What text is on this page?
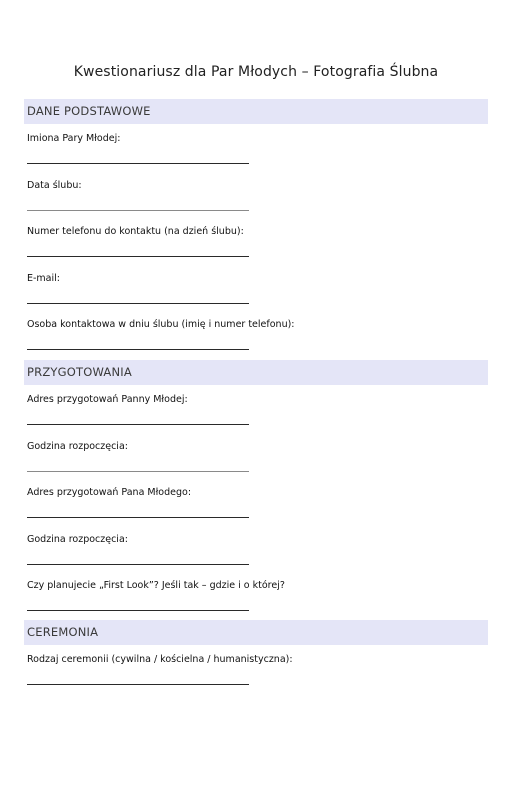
Kwestionariusz dla Par Młodych – Fotografia Ślubna
DANE PODSTAWOWE
Imiona Pary Młodej:
Data ślubu:
Numer telefonu do kontaktu (na dzień ślubu):
E-mail:
Osoba kontaktowa w dniu ślubu (imię i numer telefonu):
PRZYGOTOWANIA
Adres przygotowań Panny Młodej:
Godzina rozpoczęcia:
Adres przygotowań Pana Młodego:
Godzina rozpoczęcia:
Czy planujecie „First Look”? Jeśli tak – gdzie i o której?
CEREMONIA
Rodzaj ceremonii (cywilna / kościelna / humanistyczna):
